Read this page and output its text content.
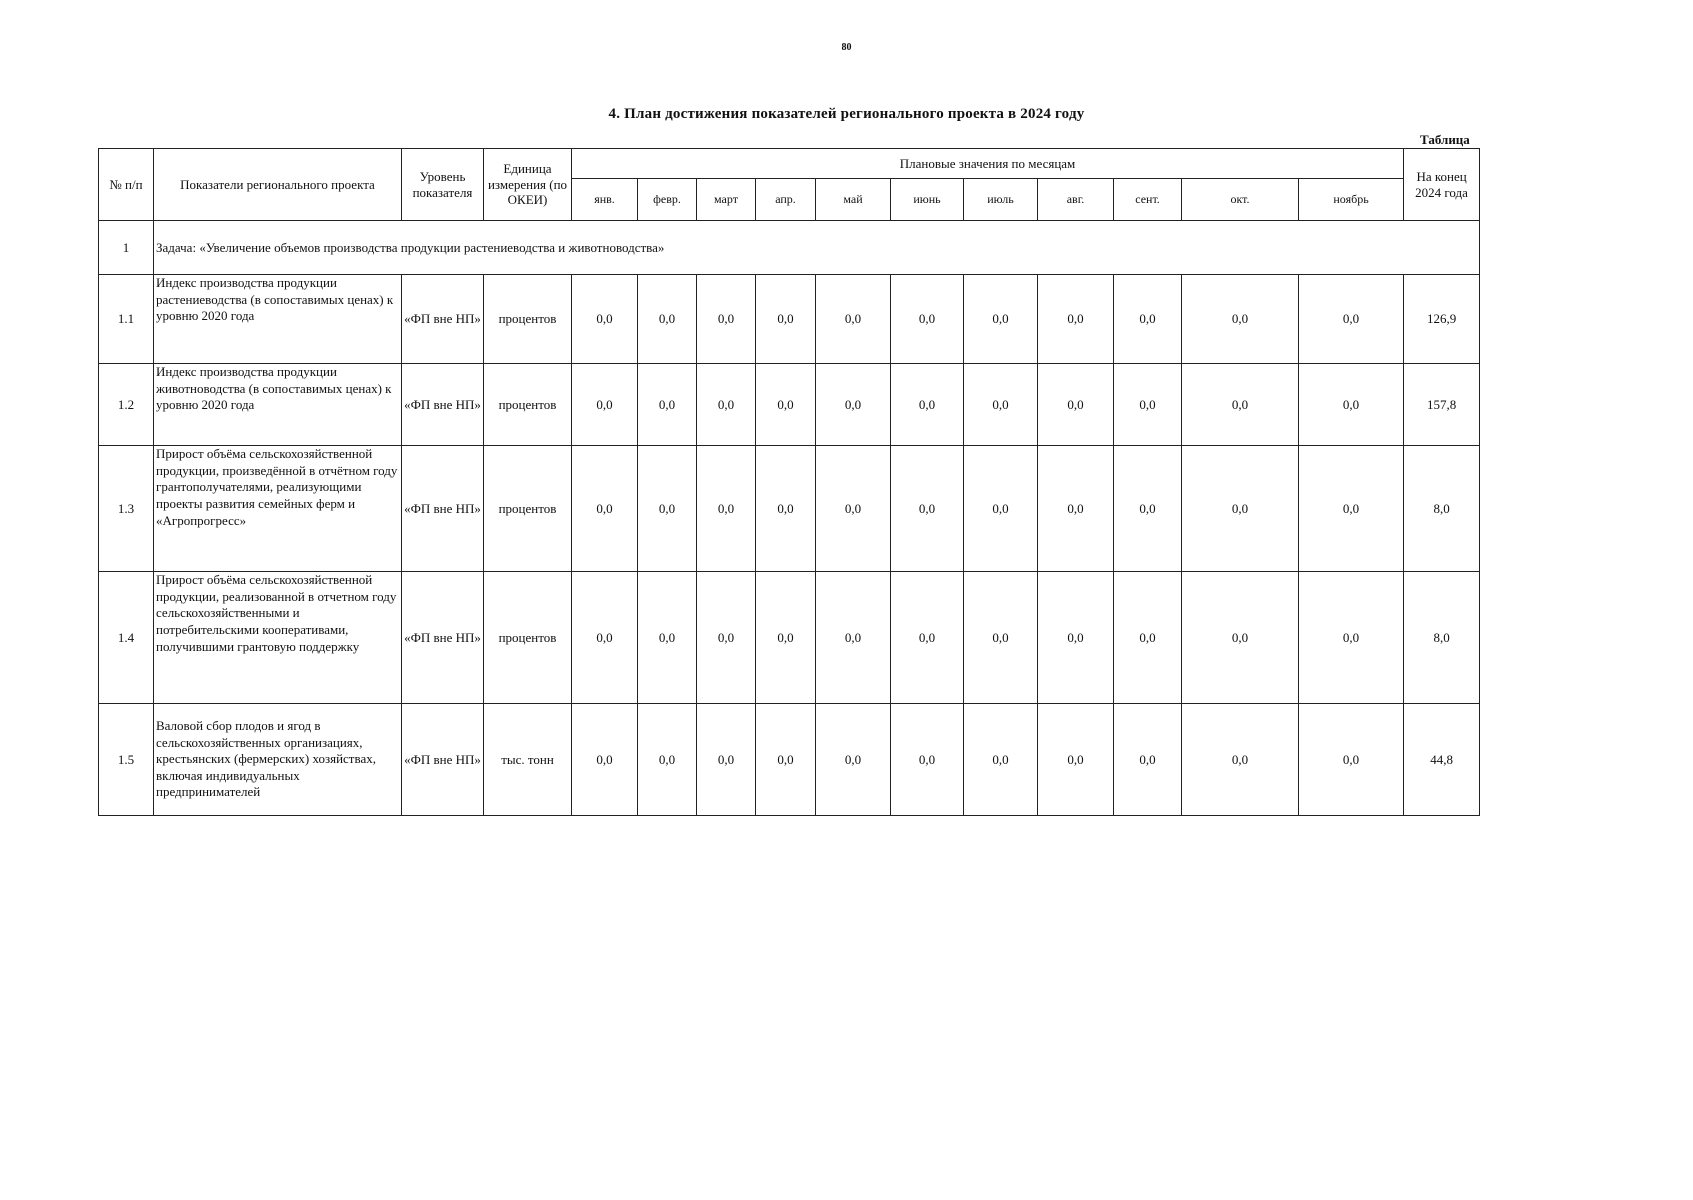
80
4. План достижения показателей регионального проекта в 2024 году
Таблица
№ п/п	Показатели регионального проекта	Уровень показателя	Единица измерения (по ОКЕИ)	Плановые значения по месяцам											На конец 2024 года
				янв.	февр.	март	апр.	май	июнь	июль	авг.	сент.	окт.	ноябрь	
1	Задача: «Увеличение объемов производства продукции растениеводства и животноводства»														
1.1	Индекс производства продукции растениеводства (в сопоставимых ценах) к уровню 2020 года	«ФП вне НП»	процентов	0,0	0,0	0,0	0,0	0,0	0,0	0,0	0,0	0,0	0,0	0,0	126,9
1.2	Индекс производства продукции животноводства (в сопоставимых ценах) к уровню 2020 года	«ФП вне НП»	процентов	0,0	0,0	0,0	0,0	0,0	0,0	0,0	0,0	0,0	0,0	0,0	157,8
1.3	Прирост объёма сельскохозяйственной продукции, произведённой в отчётном году грантополучателями, реализующими проекты развития семейных ферм и «Агропрогресс»	«ФП вне НП»	процентов	0,0	0,0	0,0	0,0	0,0	0,0	0,0	0,0	0,0	0,0	0,0	8,0
1.4	Прирост объёма сельскохозяйственной продукции, реализованной в отчетном году сельскохозяйственными и потребительскими кооперативами, получившими грантовую поддержку	«ФП вне НП»	процентов	0,0	0,0	0,0	0,0	0,0	0,0	0,0	0,0	0,0	0,0	0,0	8,0
1.5	Валовой сбор плодов и ягод в сельскохозяйственных организациях, крестьянских (фермерских) хозяйствах, включая индивидуальных предпринимателей	«ФП вне НП»	тыс. тонн	0,0	0,0	0,0	0,0	0,0	0,0	0,0	0,0	0,0	0,0	0,0	44,8
